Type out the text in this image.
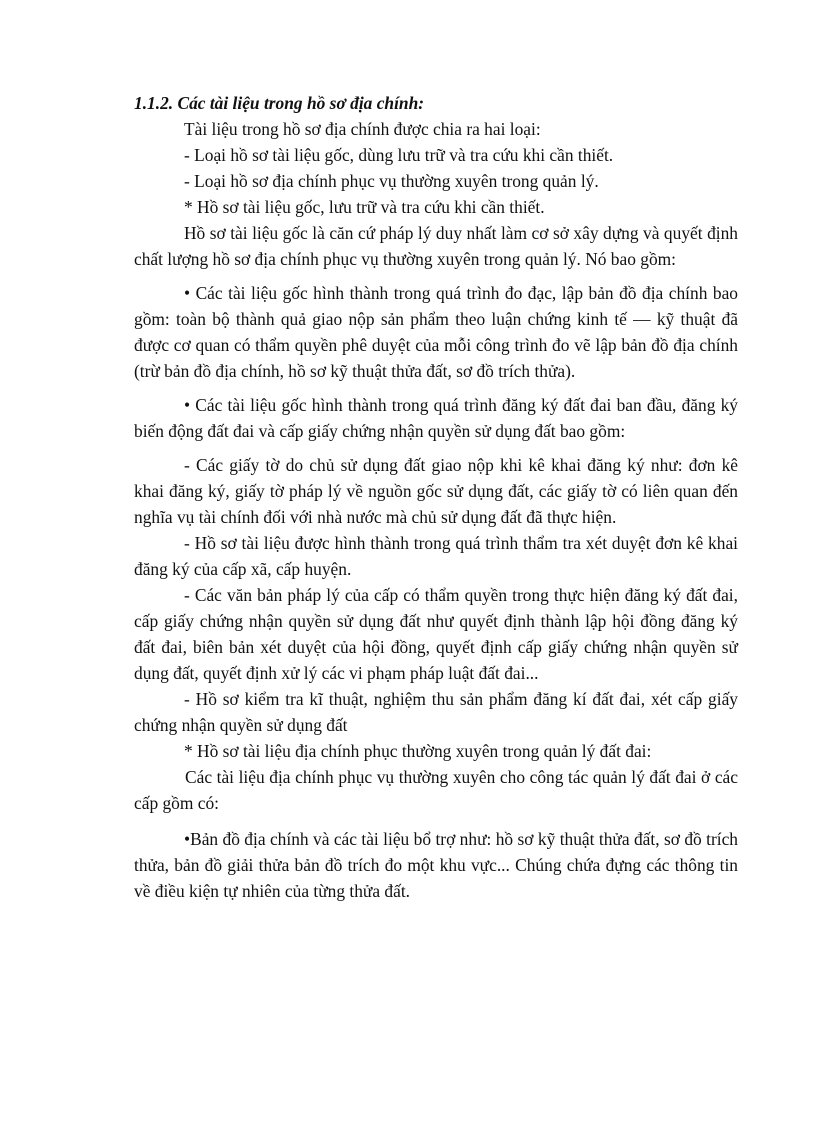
1.1.2. Các tài liệu trong hồ sơ địa chính:

Tài liệu trong hồ sơ địa chính được chia ra hai loại:

- Loại hồ sơ tài liệu gốc, dùng lưu trữ và tra cứu khi cần thiết.

- Loại hồ sơ địa chính phục vụ thường xuyên trong quản lý.

* Hồ sơ tài liệu gốc, lưu trữ và tra cứu khi cần thiết.

Hồ sơ tài liệu gốc là căn cứ pháp lý duy nhất làm cơ sở xây dựng và quyết định chất lượng hồ sơ địa chính phục vụ thường xuyên trong quản lý. Nó bao gồm:

• Các tài liệu gốc hình thành trong quá trình đo đạc, lập bản đồ địa chính bao gồm: toàn bộ thành quả giao nộp sản phẩm theo luận chứng kinh tế — kỹ thuật đã được cơ quan có thẩm quyền phê duyệt của mỗi công trình đo vẽ lập bản đồ địa chính (trừ bản đồ địa chính, hồ sơ kỹ thuật thửa đất, sơ đồ trích thửa).

• Các tài liệu gốc hình thành trong quá trình đăng ký đất đai ban đầu, đăng ký biến động đất đai và cấp giấy chứng nhận quyền sử dụng đất bao gồm:

- Các giấy tờ do chủ sử dụng đất giao nộp khi kê khai đăng ký như: đơn kê khai đăng ký, giấy tờ pháp lý về nguồn gốc sử dụng đất, các giấy tờ có liên quan đến nghĩa vụ tài chính đối với nhà nước mà chủ sử dụng đất đã thực hiện.

- Hồ sơ tài liệu được hình thành trong quá trình thẩm tra xét duyệt đơn kê khai đăng ký của cấp xã, cấp huyện.

- Các văn bản pháp lý của cấp có thẩm quyền trong thực hiện đăng ký đất đai, cấp giấy chứng nhận quyền sử dụng đất như quyết định thành lập hội đồng đăng ký đất đai, biên bản xét duyệt của hội đồng, quyết định cấp giấy chứng nhận quyền sử dụng đất, quyết định xử lý các vi phạm pháp luật đất đai...

- Hồ sơ kiểm tra kĩ thuật, nghiệm thu sản phẩm đăng kí đất đai, xét cấp giấy chứng nhận quyền sử dụng đất

* Hồ sơ tài liệu địa chính phục thường xuyên trong quản lý đất đai:

Các tài liệu địa chính phục vụ thường xuyên cho công tác quản lý đất đai ở các cấp gồm có:

•Bản đồ địa chính và các tài liệu bổ trợ như: hồ sơ kỹ thuật thửa đất, sơ đồ trích thửa, bản đồ giải thửa bản đồ trích đo một khu vực... Chúng chứa đựng các thông tin về điều kiện tự nhiên của từng thửa đất.
